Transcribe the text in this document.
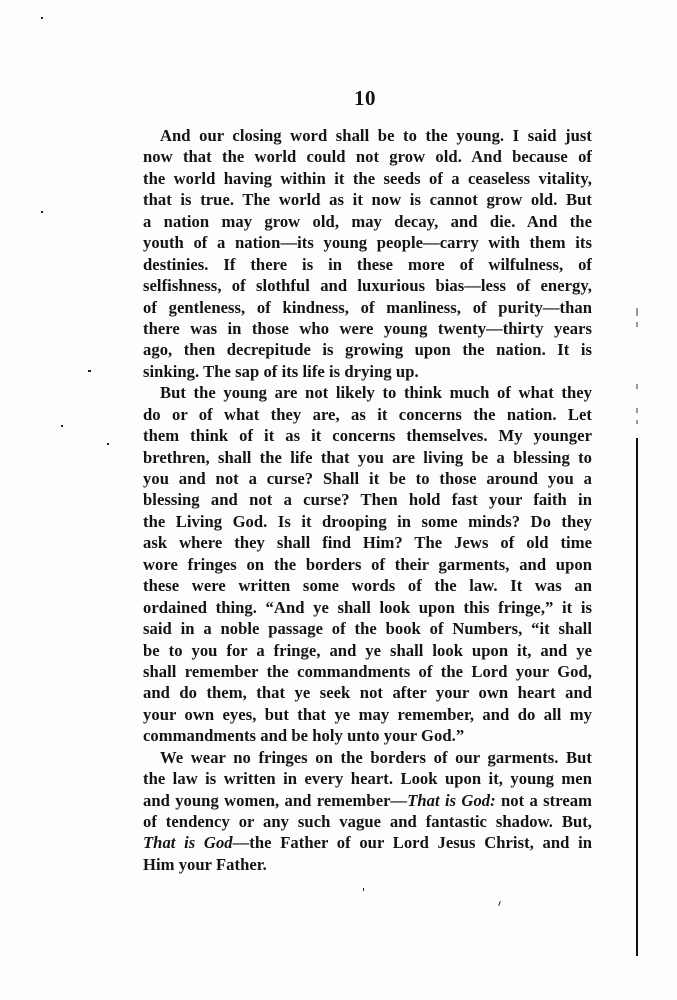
10
And our closing word shall be to the young. I said just
now that the world could not grow old. And because of
the world having within it the seeds of a ceaseless vitality,
that is true. The world as it now is cannot grow old. But
a nation may grow old, may decay, and die. And the
youth of a nation—its young people—carry with them its
destinies. If there is in these more of wilfulness, of
selfishness, of slothful and luxurious bias—less of energy,
of gentleness, of kindness, of manliness, of purity—than
there was in those who were young twenty—thirty years
ago, then decrepitude is growing upon the nation. It is
sinking. The sap of its life is drying up.
But the young are not likely to think much of what they
do or of what they are, as it concerns the nation. Let
them think of it as it concerns themselves. My younger
brethren, shall the life that you are living be a blessing to
you and not a curse? Shall it be to those around you a
blessing and not a curse? Then hold fast your faith in
the Living God. Is it drooping in some minds? Do they
ask where they shall find Him? The Jews of old time
wore fringes on the borders of their garments, and upon
these were written some words of the law. It was an
ordained thing. “And ye shall look upon this fringe,” it is
said in a noble passage of the book of Numbers, “it shall
be to you for a fringe, and ye shall look upon it, and ye
shall remember the commandments of the Lord your God,
and do them, that ye seek not after your own heart and
your own eyes, but that ye may remember, and do all my
commandments and be holy unto your God.”
We wear no fringes on the borders of our garments. But
the law is written in every heart. Look upon it, young men
and young women, and remember—That is God: not a stream
of tendency or any such vague and fantastic shadow. But,
That is God—the Father of our Lord Jesus Christ, and in
Him your Father.
